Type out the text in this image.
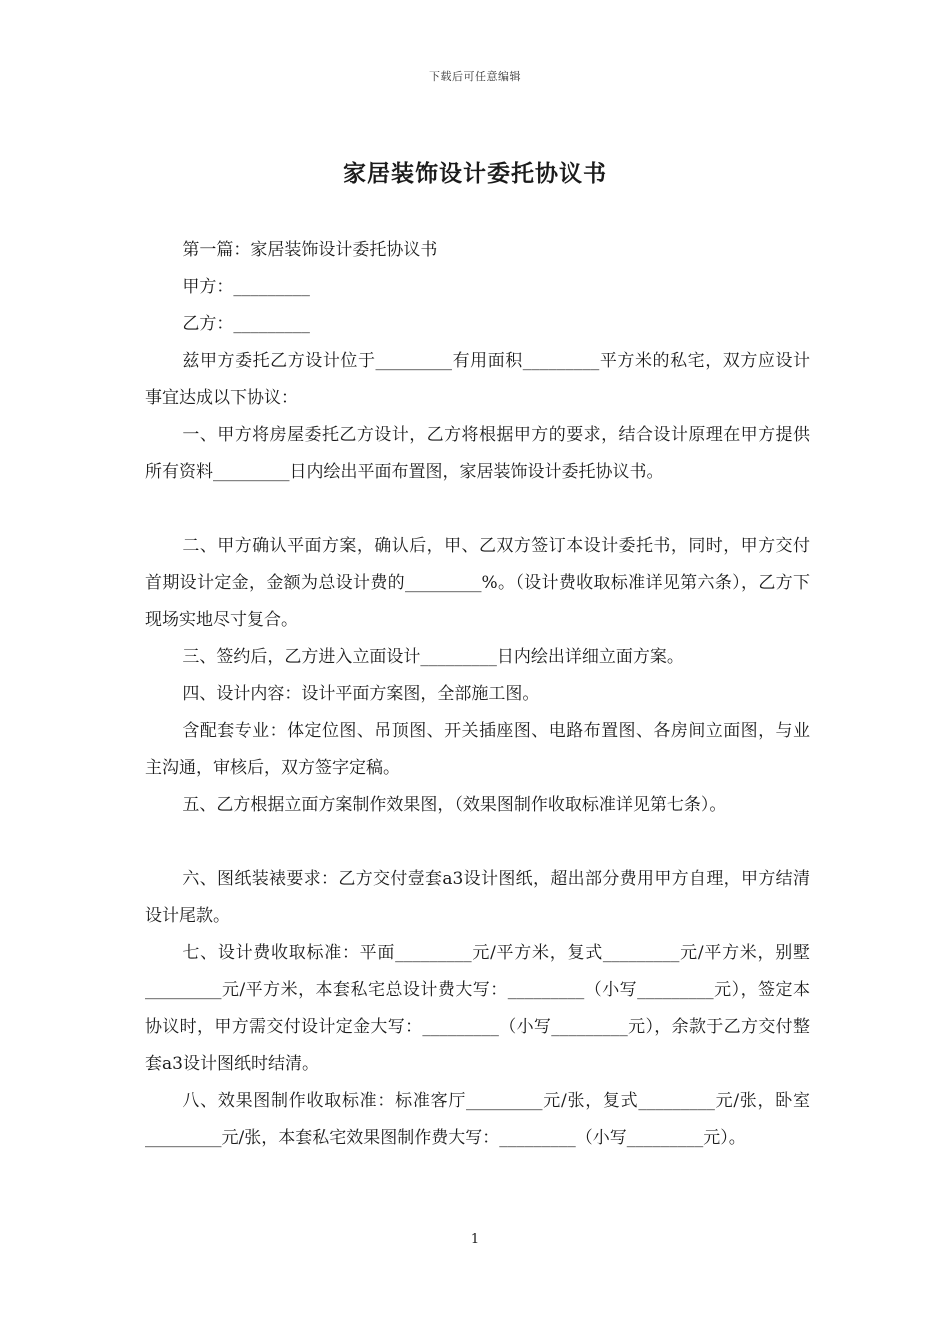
下载后可任意编辑
家居装饰设计委托协议书

第一篇：家居装饰设计委托协议书

甲方：_________

乙方：_________

兹甲方委托乙方设计位于_________有用面积_________平方米的私宅，双方应设计事宜达成以下协议：

一、甲方将房屋委托乙方设计，乙方将根据甲方的要求，结合设计原理在甲方提供所有资料_________日内绘出平面布置图，家居装饰设计委托协议书。

二、甲方确认平面方案，确认后，甲、乙双方签订本设计委托书，同时，甲方交付首期设计定金，金额为总设计费的_________%。（设计费收取标准详见第六条），乙方下现场实地尽寸复合。

三、签约后，乙方进入立面设计_________日内绘出详细立面方案。

四、设计内容：设计平面方案图，全部施工图。

含配套专业：体定位图、吊顶图、开关插座图、电路布置图、各房间立面图，与业主沟通，审核后，双方签字定稿。

五、乙方根据立面方案制作效果图，（效果图制作收取标准详见第七条）。

六、图纸装裱要求：乙方交付壹套a3设计图纸，超出部分费用甲方自理，甲方结清设计尾款。

七、设计费收取标准：平面_________元/平方米，复式_________元/平方米，别墅_________元/平方米，本套私宅总设计费大写：_________（小写_________元），签定本协议时，甲方需交付设计定金大写：_________（小写_________元），余款于乙方交付整套a3设计图纸时结清。

八、效果图制作收取标准：标准客厅_________元/张，复式_________元/张，卧室_________元/张，本套私宅效果图制作费大写：_________（小写_________元）。

1
